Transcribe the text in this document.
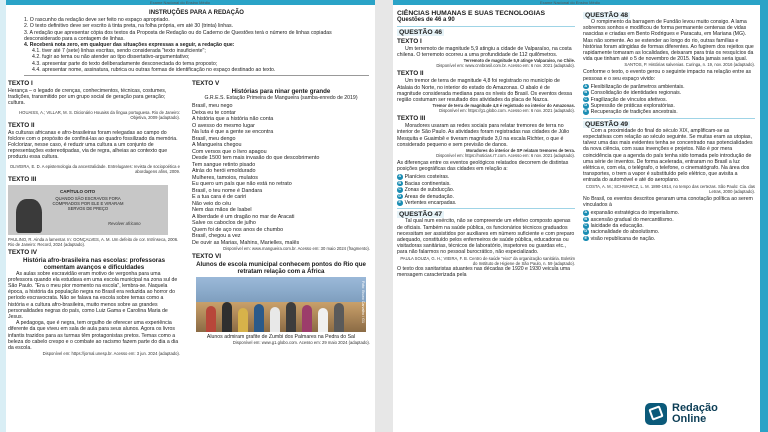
Exame Nacional do Ensino Médio	Exame Nacional do Ensino Médio
INSTRUÇÕES PARA A REDAÇÃO
1. O rascunho da redação deve ser feito no espaço apropriado.
2. O texto definitivo deve ser escrito à tinta preta, na folha própria, em até 30 (trinta) linhas.
3. A redação que apresentar cópia dos textos da Proposta de Redação ou do Caderno de Questões terá o número de linhas copiadas desconsiderado para a contagem de linhas.
4. Receberá nota zero, em qualquer das situações expressas a seguir, a redação que:
4.1. tiver até 7 (sete) linhas escritas, sendo considerada "texto insuficiente";
4.2. fugir ao tema ou não atender ao tipo dissertativo-argumentativo;
4.3. apresentar parte do texto deliberadamente desconectada do tema proposto;
4.4. apresentar nome, assinatura, rubrica ou outras formas de identificação no espaço destinado ao texto.
TEXTO I
Herança – o legado de crenças, conhecimentos, técnicas, costumes, tradições, transmitido por um grupo social de geração para geração; cultura.
HOUAISS, A.; VILLAR, M. S. Dicionário Houaiss da língua portuguesa. Rio de Janeiro: Objetiva, 2009 (adaptado).
TEXTO II
As culturas africanas e afro-brasileiras foram relegadas ao campo do folclore com o propósito de confiná-las ao quadro fossilizado da memória. Folclorizar, nesse caso, é reduzir uma cultura a um conjunto de representações estereotipadas, via de regra, alheias ao contexto que produziu essa cultura.
OLIVEIRA, E. D. A epistemologia da ancestralidade. Entrelugares: revista de sociopoética e abordagens afins, 2009.
TEXTO III
CAPÍTULO OITO
QUANDO SÃO ESCRAVOS FORA COMPRADOS POR ELE E VIRARAM SERVOS DE PREÇO
Revolver africano
PAULINO, R. Ainda a lamentar. In: GONÇALVES, A. M. Um defeito de cor. Intrínseca, 2006. Rio de Janeiro: Record, 2024 (adaptado).
TEXTO IV
História afro-brasileira nas escolas: professoras comentam avanços e dificuldades
As aulas sobre escravidão eram motivo de vergonha para uma professora quando ela estudava em uma escola municipal na zona sul de São Paulo. "Era o meu pior momento na escola", lembra-se. Naquela época, a história da população negra no Brasil era reduzida ao horror do período escravocrata. Não se falava na escola sobre temas como a história e a cultura afro-brasileira, muito menos sobre as grandes personalidades negras do país, como Luiz Gama e Carolina Maria de Jesus.
A pedagoga, que é negra, tem orgulho de oferecer uma experiência diferente da que viveu em sala de aula para seus alunos. Agora os livros infantis trazidos para as turmas têm protagonistas pretos. Temas como a beleza do cabelo crespo e o combate ao racismo fazem parte do dia a dia da escola.
Disponível em: https://jornal.unesp.br. Acesso em: 3 jun. 2024 (adaptado).
TEXTO V
Histórias para ninar gente grande
G.R.E.S. Estação Primeira de Mangueira (samba-enredo de 2019)
Brasil, meu nego
Deixa eu te contar
A história que a história não conta
O avesso do mesmo lugar
Na luta é que a gente se encontra
Brasil, meu dengo
A Mangueira chegou
Com versos que o livro apagou
Desde 1500 tem mais invasão do que descobrimento
Tem sangue retinto pisado
Atrás do herói emoldurado
Mulheres, tamoios, mulatos
Eu quero um país que não está no retrato
Brasil, o teu nome é Dandara
E a tua cara é de cariri
Não veio do céu
Nem das mãos de Isabel
A liberdade é um dragão no mar de Aracati
Salve os caboclos de julho
Quem foi de aço nos anos de chumbo
Brasil, chegou a vez
De ouvir as Marias, Mahins, Marielles, malês
Disponível em: www.mangueira.com.br. Acesso em: 30 maio 2024 (fragmento).
TEXTO VI
Alunos de escola municipal conhecem pontos do Rio que retratam relação com a África
Foto: Bruno Carvalho / G1
Alunos admiram grafite de Zumbi dos Palmares na Pedra do Sal
Disponível em: www.g1.globo.com. Acesso em: 29 maio 2024 (adaptado).
CIÊNCIAS HUMANAS E SUAS TECNOLOGIAS
Questões de 46 a 90
QUESTÃO 46
TEXTO I
Um terremoto de magnitude 5,9 atingiu a cidade de Valparaíso, na costa chilena. O terremoto ocorreu a uma profundidade de 112 quilômetros.
Terremoto de magnitude 5,9 atinge Valparaíso, no Chile.
Disponível em: www.cnnbrasil.com.br. Acesso em: 6 nov. 2021 (adaptado).
TEXTO II
Um tremor de terra de magnitude 4,8 foi registrado no município de Atalaia do Norte, no interior do estado do Amazonas. O abalo é de magnitude considerada mediana para os níveis do Brasil. Os eventos dessa região costumam ser resultado dos atividades da placa de Nazca.
Tremor de terra de magnitude 4,8 é registrado no interior do Amazonas.
Disponível em: https://g1.globo.com. Acesso em: 6 nov. 2021 (adaptado).
TEXTO III
Moradores usaram as redes sociais para relatar tremores de terra no interior de São Paulo. As atividades foram registradas nas cidades de Júlio Mesquita e Guaimbê e tiveram magnitude 3,0 na escala Richter, o que é considerado pequeno e sem previsão de danos.
Moradores do interior de SP relatam tremores de terra.
Disponível em: https://noticias.r7.com. Acesso em: 6 nov. 2021 (adaptado).
As diferenças entre os eventos geológicos relatados decorrem de distintas posições geográficas das cidades em relação a:
A Planícies costeiras.
B Bacias continentais.
C Zonas de subducção.
D Áreas de denudação.
E Vertentes encarpadas.
QUESTÃO 47
Tal qual num exército, não se compreende um efetivo composto apenas de oficiais. Também na saúde pública, os funcionários técnicos graduados necessitam ser assistidos por auxiliares em número suficiente e com preparo adequado, constituído pelos enfermeiros de saúde pública, educadoras ou visitadoras sanitárias, técnicos de laboratório, inspetores ou guardas etc., para não falarmos no pessoal burocrático, não especializado.
PAULA SOUZA, G. H.; VIEIRA, F. B. Centro de saúde "eixo" da organização sanitária. Boletim do Instituto de Higiene de São Paulo, n. 59 (adaptado).
O texto dos sanitaristas atuantes nas décadas de 1920 e 1930 veicula uma mensagem caracterizada pela
QUESTÃO 48
O rompimento da barragem de Fundão levou muito consigo. A lama sobremos sonhos e modificou de forma permanente centenas de vidas nascidas e criadas em Bento Rodrigues e Paracatu, em Mariana (MG). Mas não somente. Ao se estender ao longo do rio, outras famílias e histórias foram atingidas de formas diferentes. Ao fugirem dos rejeitos que rapidamente tomaram as localidades, deixaram para trás os resquícios da vida que tinham até o 5 de novembro de 2015. Nada jamais seria igual.
SANTOS, P. Histórias salvenias. Curinga, n. 19, nov. 2016 (adaptado).
Conforme o texto, o evento gerou o seguinte impacto na relação entre as pessoas e o seu espaço vivido:
A Flexibilização de parâmetros ambientais.
B Consolidação de identidades regionais.
C Fragilização de vínculos afetivos.
D Supressão de práticas exploratórias.
E Recuperação de tradições ancestrais.
QUESTÃO 49
Com a proximidade do final do século XIX, amplificam-se as expectativas com relação ao século seguinte. Se muitas eram as utopias, talvez uma das mais evidentes tenha se concentrado nas potencialidades da nova ciência, com suas invenções e projetos. Não é por mera coincidência que a agenda do país tenha sido tomada pelo introdução de uma série de inventos. De forma acelerada, entraram no Brasil a luz elétrica e, com ela, o telégrafo, o telefone, o cinematógrafo. Na área dos transportes, o trem a vapor é substituído pelo elétrico, que avisita a entrada do automóvel e até do aeroplano.
COSTA, A. M.; SCHWARCZ, L. M. 1890-1914, no tempo das certezas. São Paulo: Cia. das Letras, 2000 (adaptado).
No Brasil, os eventos descritos geraram uma conotação política ao serem vinculados à
A expansão estratégica do imperialismo.
B ascensão gradual do mercantilismo.
C laicidade da educação.
D racionalidade do absolutismo.
E visão republicana de nação.
Redação
Online
